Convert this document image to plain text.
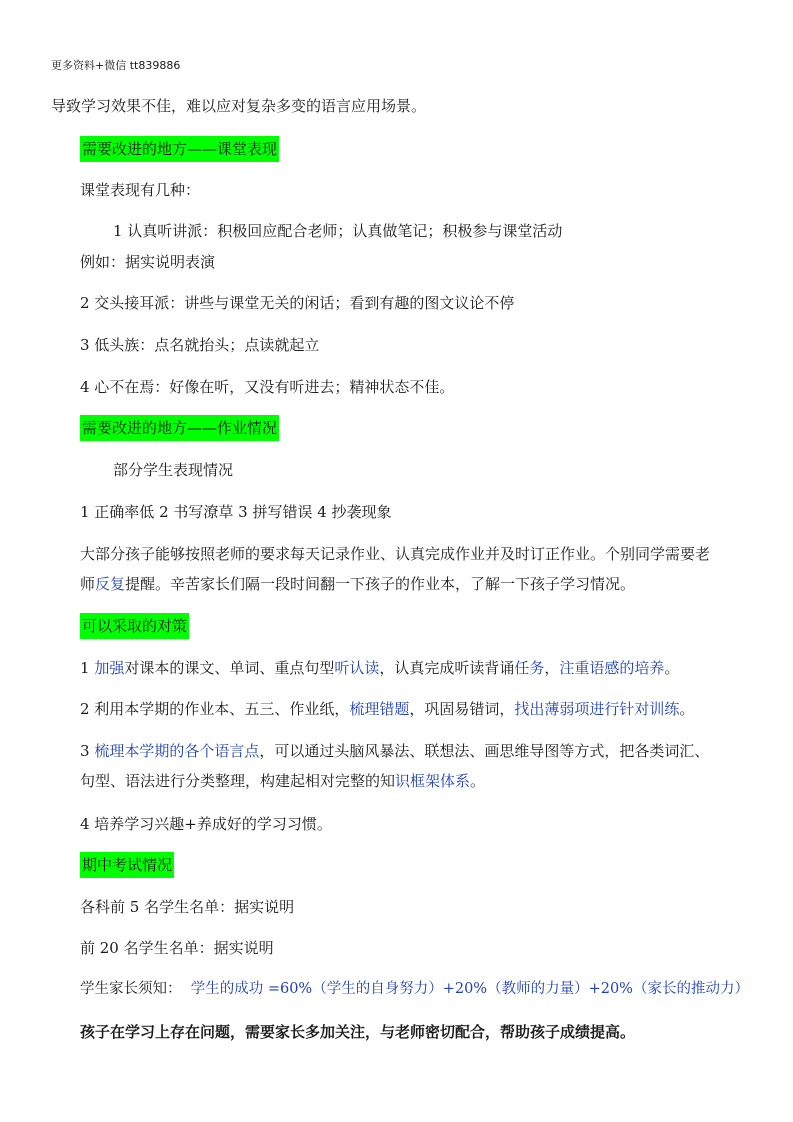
更多资料+微信 tt839886
导致学习效果不佳，难以应对复杂多变的语言应用场景。
需要改进的地方——课堂表现
课堂表现有几种：
1 认真听讲派：积极回应配合老师；认真做笔记；积极参与课堂活动
例如：据实说明表演
2 交头接耳派：讲些与课堂无关的闲话；看到有趣的图文议论不停
3 低头族：点名就抬头；点读就起立
4 心不在焉：好像在听，又没有听进去；精神状态不佳。
需要改进的地方——作业情况
部分学生表现情况
1 正确率低 2 书写潦草 3 拼写错误 4 抄袭现象
大部分孩子能够按照老师的要求每天记录作业、认真完成作业并及时订正作业。个别同学需要老
师反复提醒。辛苦家长们隔一段时间翻一下孩子的作业本，了解一下孩子学习情况。
可以采取的对策
1 加强对课本的课文、单词、重点句型听认读，认真完成听读背诵任务，注重语感的培养。
2 利用本学期的作业本、五三、作业纸，梳理错题，巩固易错词，找出薄弱项进行针对训练。
3 梳理本学期的各个语言点，可以通过头脑风暴法、联想法、画思维导图等方式，把各类词汇、
句型、语法进行分类整理，构建起相对完整的知识框架体系。
4 培养学习兴趣+养成好的学习习惯。
期中考试情况
各科前 5 名学生名单：据实说明
前 20 名学生名单：据实说明
学生家长须知： 学生的成功 =60%（学生的自身努力）+20%（教师的力量）+20%（家长的推动力）
孩子在学习上存在问题，需要家长多加关注，与老师密切配合，帮助孩子成绩提高。
